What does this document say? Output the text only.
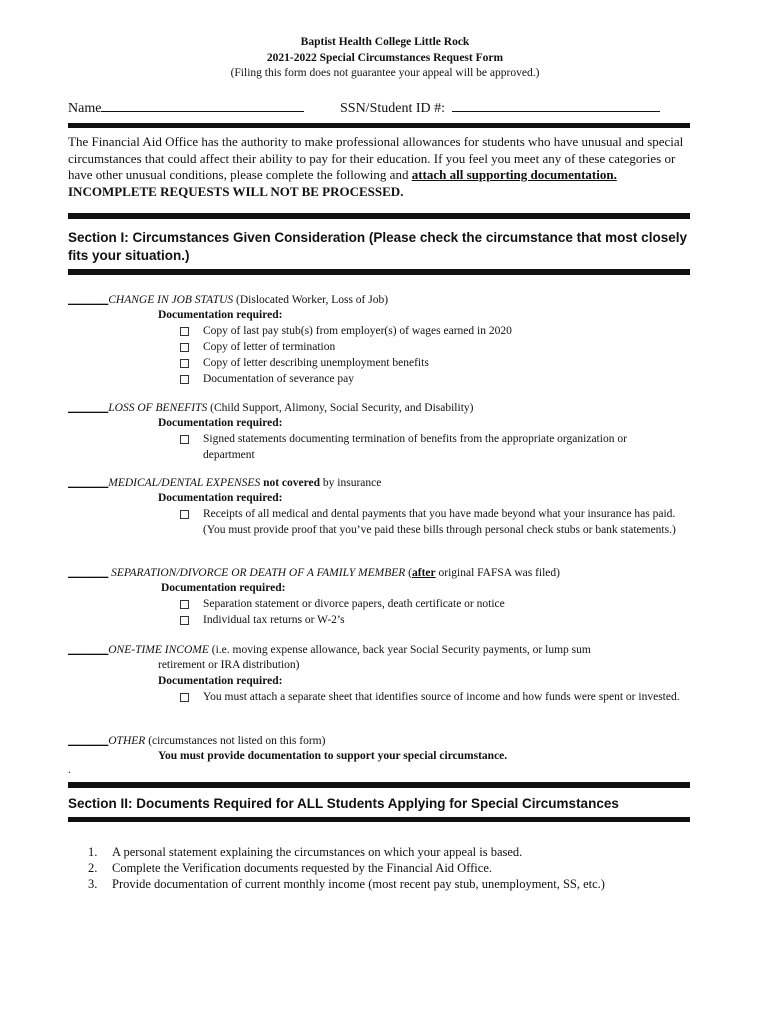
Baptist Health College Little Rock
2021-2022 Special Circumstances Request Form
(Filing this form does not guarantee your appeal will be approved.)
Name	SSN/Student ID #:
The Financial Aid Office has the authority to make professional allowances for students who have unusual and special circumstances that could affect their ability to pay for their education. If you feel you meet any of these categories or have other unusual conditions, please complete the following and attach all supporting documentation. INCOMPLETE REQUESTS WILL NOT BE PROCESSED.
Section I: Circumstances Given Consideration (Please check the circumstance that most closely fits your situation.)
_______CHANGE IN JOB STATUS (Dislocated Worker, Loss of Job)
Documentation required:
Copy of last pay stub(s) from employer(s) of wages earned in 2020
Copy of letter of termination
Copy of letter describing unemployment benefits
Documentation of severance pay
_______LOSS OF BENEFITS (Child Support, Alimony, Social Security, and Disability)
Documentation required:
Signed statements documenting termination of benefits from the appropriate organization or department
_______MEDICAL/DENTAL EXPENSES not covered by insurance
Documentation required:
Receipts of all medical and dental payments that you have made beyond what your insurance has paid. (You must provide proof that you’ve paid these bills through personal check stubs or bank statements.)
_______ SEPARATION/DIVORCE OR DEATH OF A FAMILY MEMBER (after original FAFSA was filed)
Documentation required:
Separation statement or divorce papers, death certificate or notice
Individual tax returns or W-2’s
_______ONE-TIME INCOME (i.e. moving expense allowance, back year Social Security payments, or lump sum
retirement or IRA distribution)
Documentation required:
You must attach a separate sheet that identifies source of income and how funds were spent or invested.
_______OTHER (circumstances not listed on this form)
You must provide documentation to support your special circumstance.
.
Section II: Documents Required for ALL Students Applying for Special Circumstances
1. A personal statement explaining the circumstances on which your appeal is based.
2. Complete the Verification documents requested by the Financial Aid Office.
3. Provide documentation of current monthly income (most recent pay stub, unemployment, SS, etc.)
